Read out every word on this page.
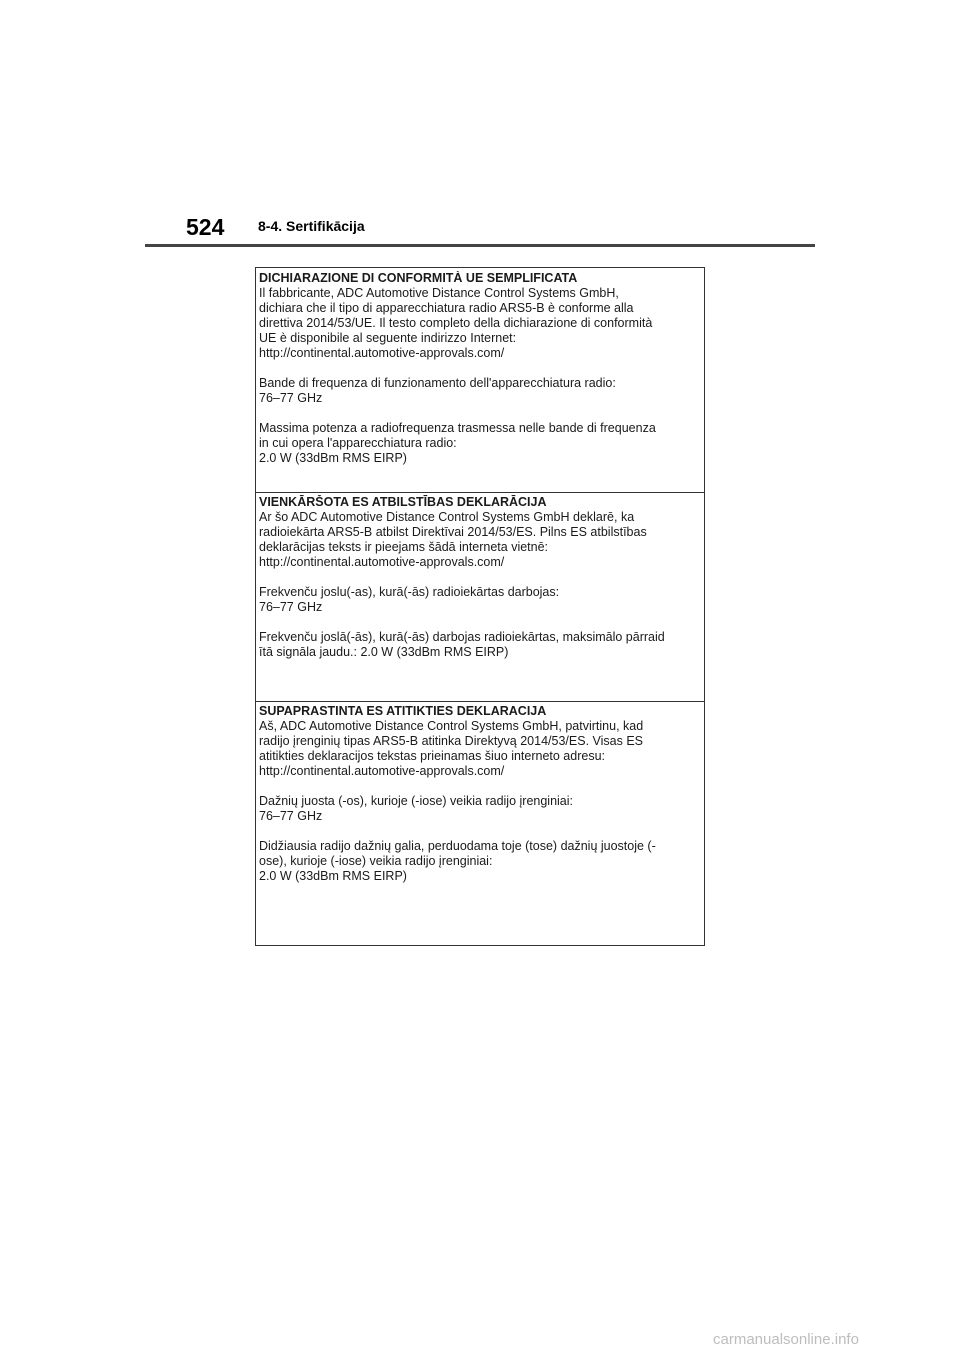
524 8-4. Sertifikācija
DICHIARAZIONE DI CONFORMITÀ UE SEMPLIFICATA
Il fabbricante, ADC Automotive Distance Control Systems GmbH,
dichiara che il tipo di apparecchiatura radio ARS5-B è conforme alla
direttiva 2014/53/UE. Il testo completo della dichiarazione di conformità
UE è disponibile al seguente indirizzo Internet:
http://continental.automotive-approvals.com/
Bande di frequenza di funzionamento dell'apparecchiatura radio:
76–77 GHz
Massima potenza a radiofrequenza trasmessa nelle bande di frequenza
in cui opera l'apparecchiatura radio:
2.0 W (33dBm RMS EIRP)
VIENKĀRŠOTA ES ATBILSTĪBAS DEKLARĀCIJA
Ar šo ADC Automotive Distance Control Systems GmbH deklarē, ka
radioiekārta ARS5-B atbilst Direktīvai 2014/53/ES. Pilns ES atbilstības
deklarācijas teksts ir pieejams šādā interneta vietnē:
http://continental.automotive-approvals.com/
Frekvenču joslu(-as), kurā(-ās) radioiekārtas darbojas:
76–77 GHz
Frekvenču joslā(-ās), kurā(-ās) darbojas radioiekārtas, maksimālo pārraid
ītā signāla jaudu.: 2.0 W (33dBm RMS EIRP)
SUPAPRASTINTA ES ATITIKTIES DEKLARACIJA
Aš, ADC Automotive Distance Control Systems GmbH, patvirtinu, kad
radijo įrenginių tipas ARS5-B atitinka Direktyvą 2014/53/ES. Visas ES
atitikties deklaracijos tekstas prieinamas šiuo interneto adresu:
http://continental.automotive-approvals.com/
Dažnių juosta (-os), kurioje (-iose) veikia radijo įrenginiai:
76–77 GHz
Didžiausia radijo dažnių galia, perduodama toje (tose) dažnių juostoje (-
ose), kurioje (-iose) veikia radijo įrenginiai:
2.0 W (33dBm RMS EIRP)
carmanualsonline.info
